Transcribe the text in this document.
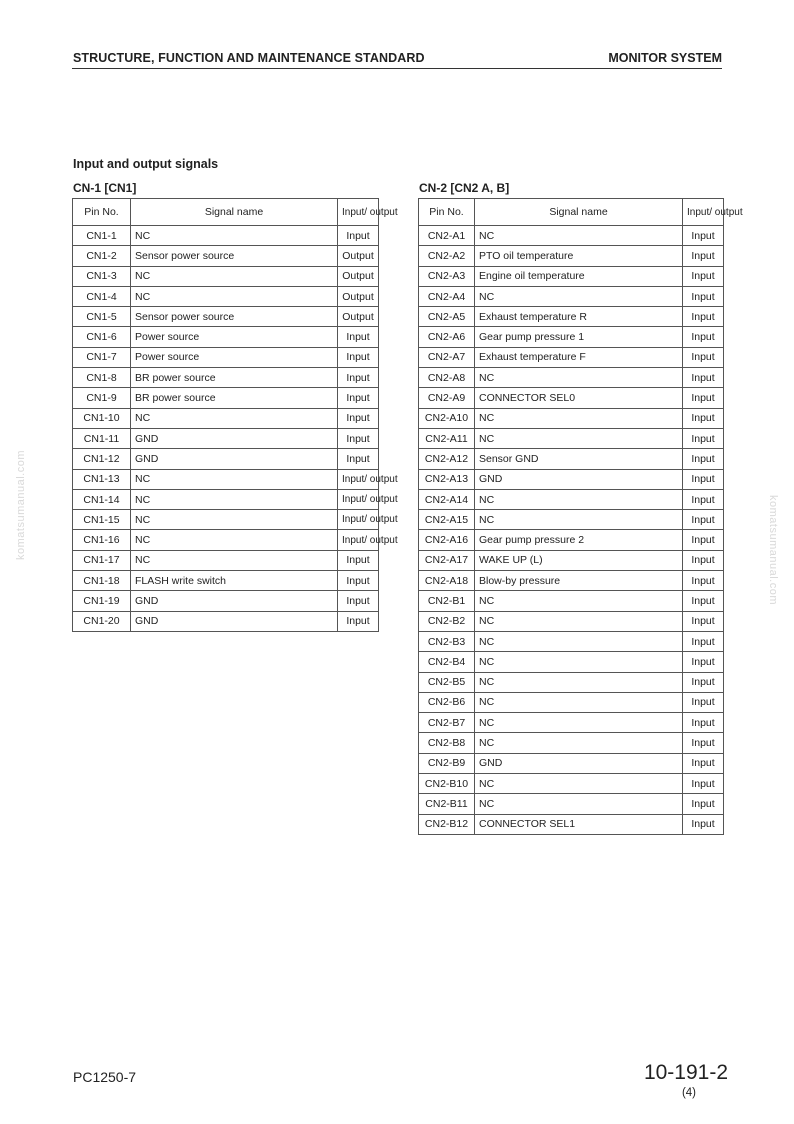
STRUCTURE, FUNCTION AND MAINTENANCE STANDARD	MONITOR SYSTEM
Input and output signals
CN-1 [CN1]
Pin No.	Signal name	Input/ output
CN1-1	NC	Input
CN1-2	Sensor power source	Output
CN1-3	NC	Output
CN1-4	NC	Output
CN1-5	Sensor power source	Output
CN1-6	Power source	Input
CN1-7	Power source	Input
CN1-8	BR power source	Input
CN1-9	BR power source	Input
CN1-10	NC	Input
CN1-11	GND	Input
CN1-12	GND	Input
CN1-13	NC	Input/ output
CN1-14	NC	Input/ output
CN1-15	NC	Input/ output
CN1-16	NC	Input/ output
CN1-17	NC	Input
CN1-18	FLASH write switch	Input
CN1-19	GND	Input
CN1-20	GND	Input
CN-2 [CN2 A, B]
Pin No.	Signal name	Input/ output
CN2-A1	NC	Input
CN2-A2	PTO oil temperature	Input
CN2-A3	Engine oil temperature	Input
CN2-A4	NC	Input
CN2-A5	Exhaust temperature R	Input
CN2-A6	Gear pump pressure 1	Input
CN2-A7	Exhaust temperature F	Input
CN2-A8	NC	Input
CN2-A9	CONNECTOR SEL0	Input
CN2-A10	NC	Input
CN2-A11	NC	Input
CN2-A12	Sensor GND	Input
CN2-A13	GND	Input
CN2-A14	NC	Input
CN2-A15	NC	Input
CN2-A16	Gear pump pressure 2	Input
CN2-A17	WAKE UP (L)	Input
CN2-A18	Blow-by pressure	Input
CN2-B1	NC	Input
CN2-B2	NC	Input
CN2-B3	NC	Input
CN2-B4	NC	Input
CN2-B5	NC	Input
CN2-B6	NC	Input
CN2-B7	NC	Input
CN2-B8	NC	Input
CN2-B9	GND	Input
CN2-B10	NC	Input
CN2-B11	NC	Input
CN2-B12	CONNECTOR SEL1	Input
komatsumanual.com	komatsumanual.com
PC1250-7	10-191-2
(4)
